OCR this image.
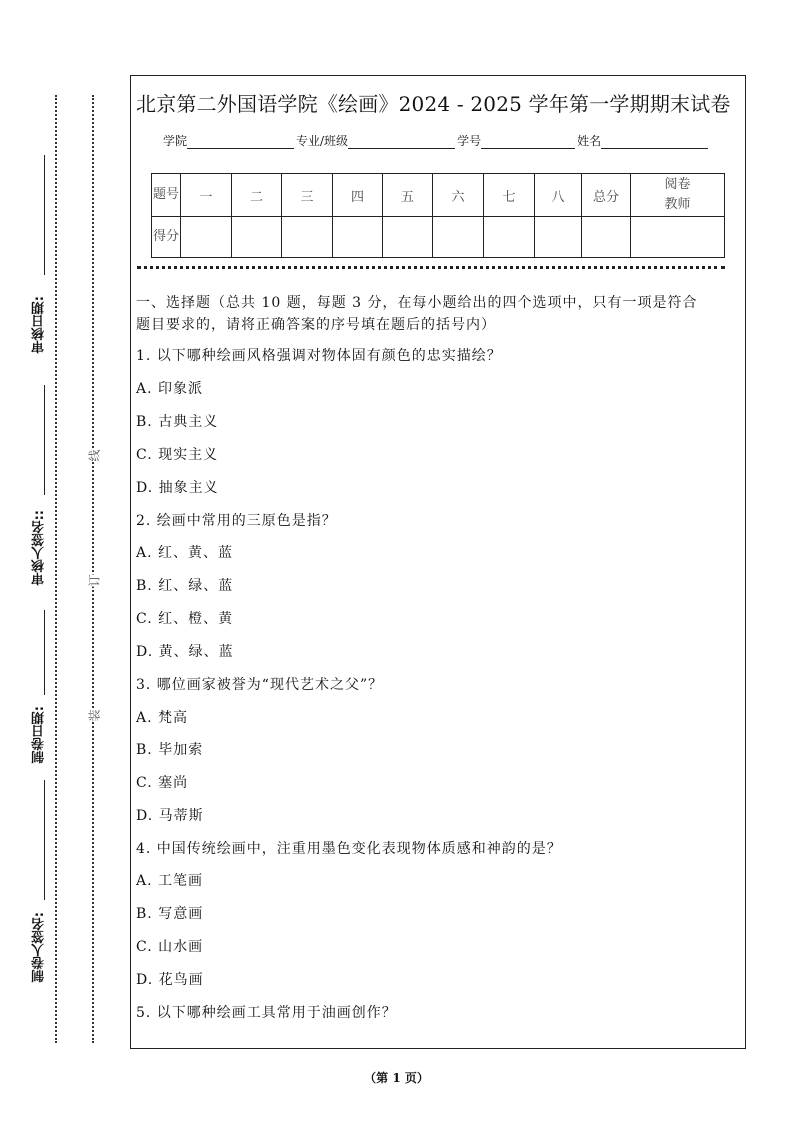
审核日期:
审核人签名::
制卷日期:
制卷人签名:
线
订
装
北京第二外国语学院《绘画》2024 - 2025 学年第一学期期末试卷
学院	专业/班级	学号	姓名
题号	一	二	三	四	五	六	七	八	总分	阅卷教师
得分										
一、选择题（总共 10 题，每题 3 分，在每小题给出的四个选项中，只有一项是符合
题目要求的，请将正确答案的序号填在题后的括号内）
1. 以下哪种绘画风格强调对物体固有颜色的忠实描绘？
A. 印象派
B. 古典主义
C. 现实主义
D. 抽象主义
2. 绘画中常用的三原色是指？
A. 红、黄、蓝
B. 红、绿、蓝
C. 红、橙、黄
D. 黄、绿、蓝
3. 哪位画家被誉为“现代艺术之父”？
A. 梵高
B. 毕加索
C. 塞尚
D. 马蒂斯
4. 中国传统绘画中，注重用墨色变化表现物体质感和神韵的是？
A. 工笔画
B. 写意画
C. 山水画
D. 花鸟画
5. 以下哪种绘画工具常用于油画创作？
（第 1 页）
